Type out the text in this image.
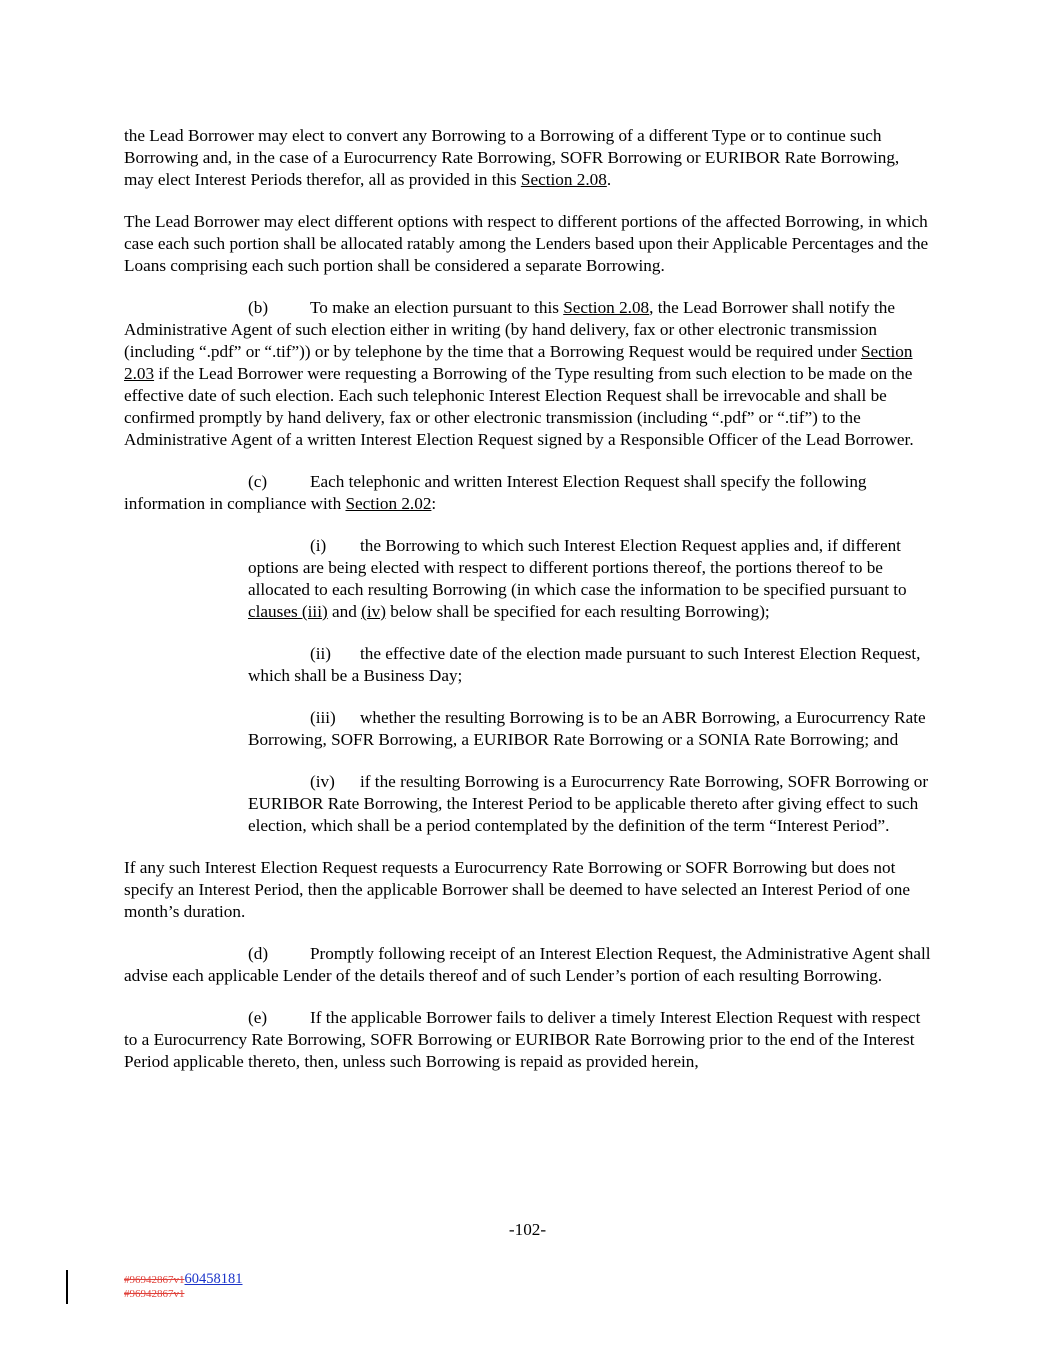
the Lead Borrower may elect to convert any Borrowing to a Borrowing of a different Type or to continue such Borrowing and, in the case of a Eurocurrency Rate Borrowing, SOFR Borrowing or EURIBOR Rate Borrowing, may elect Interest Periods therefor, all as provided in this Section 2.08.

The Lead Borrower may elect different options with respect to different portions of the affected Borrowing, in which case each such portion shall be allocated ratably among the Lenders based upon their Applicable Percentages and the Loans comprising each such portion shall be considered a separate Borrowing.

(b) To make an election pursuant to this Section 2.08, the Lead Borrower shall notify the Administrative Agent of such election either in writing (by hand delivery, fax or other electronic transmission (including “.pdf” or “.tif”)) or by telephone by the time that a Borrowing Request would be required under Section 2.03 if the Lead Borrower were requesting a Borrowing of the Type resulting from such election to be made on the effective date of such election. Each such telephonic Interest Election Request shall be irrevocable and shall be confirmed promptly by hand delivery, fax or other electronic transmission (including “.pdf” or “.tif”) to the Administrative Agent of a written Interest Election Request signed by a Responsible Officer of the Lead Borrower.

(c) Each telephonic and written Interest Election Request shall specify the following information in compliance with Section 2.02:

(i) the Borrowing to which such Interest Election Request applies and, if different options are being elected with respect to different portions thereof, the portions thereof to be allocated to each resulting Borrowing (in which case the information to be specified pursuant to clauses (iii) and (iv) below shall be specified for each resulting Borrowing);

(ii) the effective date of the election made pursuant to such Interest Election Request, which shall be a Business Day;

(iii) whether the resulting Borrowing is to be an ABR Borrowing, a Eurocurrency Rate Borrowing, SOFR Borrowing, a EURIBOR Rate Borrowing or a SONIA Rate Borrowing; and

(iv) if the resulting Borrowing is a Eurocurrency Rate Borrowing, SOFR Borrowing or EURIBOR Rate Borrowing, the Interest Period to be applicable thereto after giving effect to such election, which shall be a period contemplated by the definition of the term “Interest Period”.

If any such Interest Election Request requests a Eurocurrency Rate Borrowing or SOFR Borrowing but does not specify an Interest Period, then the applicable Borrower shall be deemed to have selected an Interest Period of one month’s duration.

(d) Promptly following receipt of an Interest Election Request, the Administrative Agent shall advise each applicable Lender of the details thereof and of such Lender’s portion of each resulting Borrowing.

(e) If the applicable Borrower fails to deliver a timely Interest Election Request with respect to a Eurocurrency Rate Borrowing, SOFR Borrowing or EURIBOR Rate Borrowing prior to the end of the Interest Period applicable thereto, then, unless such Borrowing is repaid as provided herein,

-102-
#96942867v160458181
#96942867v1
